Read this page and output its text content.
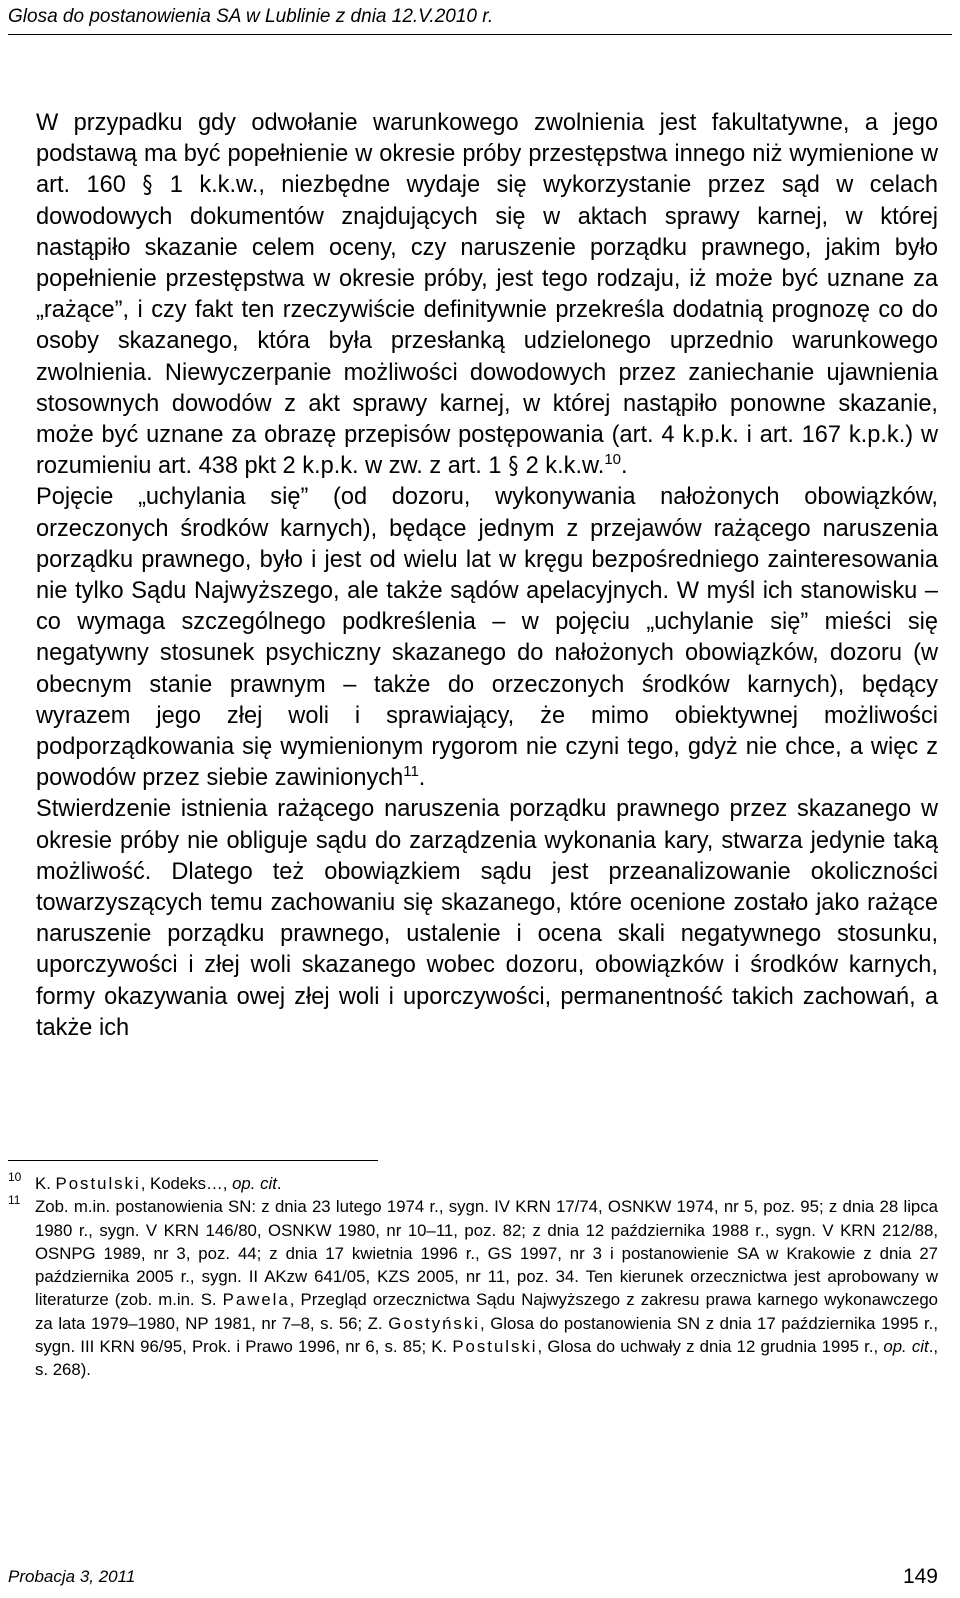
Glosa do postanowienia SA w Lublinie z dnia 12.V.2010 r.

W przypadku gdy odwołanie warunkowego zwolnienia jest fakultatywne, a jego podstawą ma być popełnienie w okresie próby przestępstwa innego niż wymienione w art. 160 § 1 k.k.w., niezbędne wydaje się wykorzystanie przez sąd w celach dowodowych dokumentów znajdujących się w aktach sprawy karnej, w której nastąpiło skazanie celem oceny, czy naruszenie porządku prawnego, jakim było popełnienie przestępstwa w okresie próby, jest tego rodzaju, iż może być uznane za „rażące”, i czy fakt ten rzeczywiście definitywnie przekreśla dodatnią prognozę co do osoby skazanego, która była przesłanką udzielonego uprzednio warunkowego zwolnienia. Niewyczerpanie możliwości dowodowych przez zaniechanie ujawnienia stosownych dowodów z akt sprawy karnej, w której nastąpiło ponowne skazanie, może być uznane za obrazę przepisów postępowania (art. 4 k.p.k. i art. 167 k.p.k.) w rozumieniu art. 438 pkt 2 k.p.k. w zw. z art. 1 § 2 k.k.w.$^{10}$.

Pojęcie „uchylania się” (od dozoru, wykonywania nałożonych obowiązków, orzeczonych środków karnych), będące jednym z przejawów rażącego naruszenia porządku prawnego, było i jest od wielu lat w kręgu bezpośredniego zainteresowania nie tylko Sądu Najwyższego, ale także sądów apelacyjnych. W myśl ich stanowisku – co wymaga szczególnego podkreślenia – w pojęciu „uchylanie się” mieści się negatywny stosunek psychiczny skazanego do nałożonych obowiązków, dozoru (w obecnym stanie prawnym – także do orzeczonych środków karnych), będący wyrazem jego złej woli i sprawiający, że mimo obiektywnej możliwości podporządkowania się wymienionym rygorom nie czyni tego, gdyż nie chce, a więc z powodów przez siebie zawinionych$^{11}$.

Stwierdzenie istnienia rażącego naruszenia porządku prawnego przez skazanego w okresie próby nie obliguje sądu do zarządzenia wykonania kary, stwarza jedynie taką możliwość. Dlatego też obowiązkiem sądu jest przeanalizowanie okoliczności towarzyszących temu zachowaniu się skazanego, które ocenione zostało jako rażące naruszenie porządku prawnego, ustalenie i ocena skali negatywnego stosunku, uporczywości i złej woli skazanego wobec dozoru, obowiązków i środków karnych, formy okazywania owej złej woli i uporczywości, permanentność takich zachowań, a także ich

10 K. Postulski, Kodeks…, op. cit.
11 Zob. m.in. postanowienia SN: z dnia 23 lutego 1974 r., sygn. IV KRN 17/74, OSNKW 1974, nr 5, poz. 95; z dnia 28 lipca 1980 r., sygn. V KRN 146/80, OSNKW 1980, nr 10–11, poz. 82; z dnia 12 października 1988 r., sygn. V KRN 212/88, OSNPG 1989, nr 3, poz. 44; z dnia 17 kwietnia 1996 r., GS 1997, nr 3 i postanowienie SA w Krakowie z dnia 27 października 2005 r., sygn. II AKzw 641/05, KZS 2005, nr 11, poz. 34. Ten kierunek orzecznictwa jest aprobowany w literaturze (zob. m.in. S. Pawela, Przegląd orzecznictwa Sądu Najwyższego z zakresu prawa karnego wykonawczego za lata 1979–1980, NP 1981, nr 7–8, s. 56; Z. Gostyński, Glosa do postanowienia SN z dnia 17 października 1995 r., sygn. III KRN 96/95, Prok. i Prawo 1996, nr 6, s. 85; K. Postulski, Glosa do uchwały z dnia 12 grudnia 1995 r., op. cit., s. 268).
Probacja 3, 2011	149
